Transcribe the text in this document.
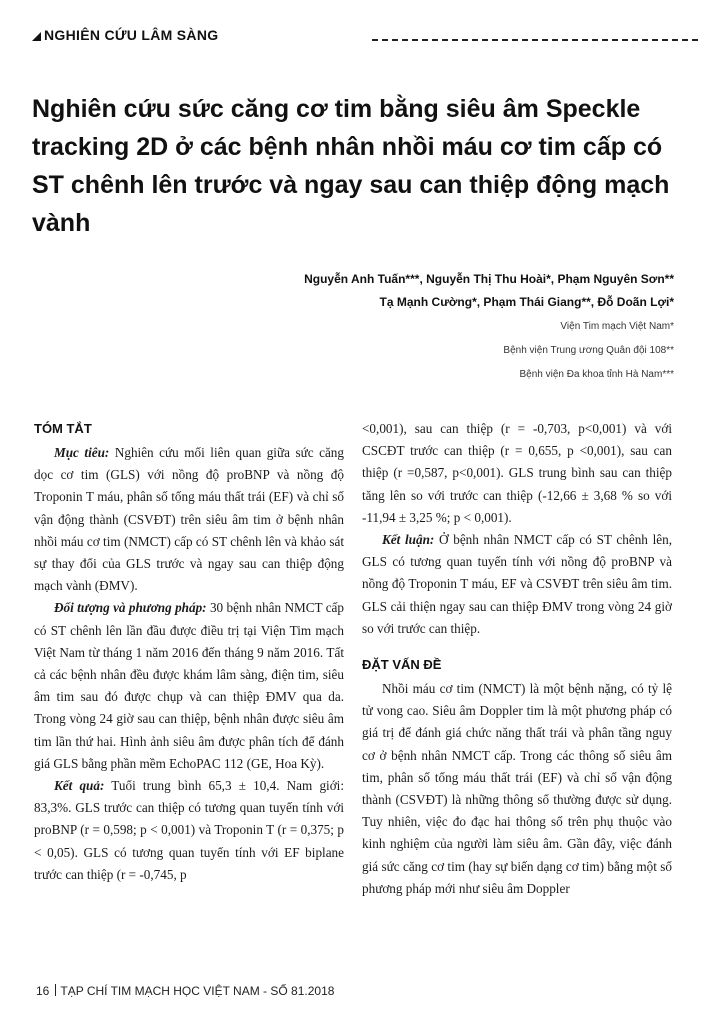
NGHIÊN CỨU LÂM SÀNG
Nghiên cứu sức căng cơ tim bằng siêu âm Speckle tracking 2D ở các bệnh nhân nhồi máu cơ tim cấp có ST chênh lên trước và ngay sau can thiệp động mạch vành
Nguyễn Anh Tuấn***, Nguyễn Thị Thu Hoài*, Phạm Nguyên Sơn**
Tạ Mạnh Cường*, Phạm Thái Giang**, Đỗ Doãn Lợi*
Viện Tim mạch Việt Nam*
Bệnh viện Trung ương Quân đội 108**
Bệnh viện Đa khoa tỉnh Hà Nam***
TÓM TẮT

Mục tiêu: Nghiên cứu mối liên quan giữa sức căng dọc cơ tim (GLS) với nồng độ proBNP và nồng độ Troponin T máu, phân số tống máu thất trái (EF) và chỉ số vận động thành (CSVĐT) trên siêu âm tim ở bệnh nhân nhồi máu cơ tim (NMCT) cấp có ST chênh lên và khảo sát sự thay đổi của GLS trước và ngay sau can thiệp động mạch vành (ĐMV).

Đối tượng và phương pháp: 30 bệnh nhân NMCT cấp có ST chênh lên lần đầu được điều trị tại Viện Tim mạch Việt Nam từ tháng 1 năm 2016 đến tháng 9 năm 2016. Tất cả các bệnh nhân đều được khám lâm sàng, điện tim, siêu âm tim sau đó được chụp và can thiệp ĐMV qua da. Trong vòng 24 giờ sau can thiệp, bệnh nhân được siêu âm tim lần thứ hai. Hình ảnh siêu âm được phân tích để đánh giá GLS bằng phần mềm EchoPAC 112 (GE, Hoa Kỳ).

Kết quả: Tuổi trung bình 65,3 ± 10,4. Nam giới: 83,3%. GLS trước can thiệp có tương quan tuyến tính với proBNP (r = 0,598; p < 0,001) và Troponin T (r = 0,375; p < 0,05). GLS có tương quan tuyến tính với EF biplane trước can thiệp (r = -0,745, p

<0,001), sau can thiệp (r = -0,703, p<0,001) và với CSCĐT trước can thiệp (r = 0,655, p <0,001), sau can thiệp (r =0,587, p<0,001). GLS trung bình sau can thiệp tăng lên so với trước can thiệp (-12,66 ± 3,68 % so với -11,94 ± 3,25 %; p < 0,001).

Kết luận: Ở bệnh nhân NMCT cấp có ST chênh lên, GLS có tương quan tuyến tính với nồng độ proBNP và nồng độ Troponin T máu, EF và CSVĐT trên siêu âm tim. GLS cải thiện ngay sau can thiệp ĐMV trong vòng 24 giờ so với trước can thiệp.

ĐẶT VẤN ĐỀ

Nhồi máu cơ tim (NMCT) là một bệnh nặng, có tỷ lệ tử vong cao. Siêu âm Doppler tim là một phương pháp có giá trị để đánh giá chức năng thất trái và phân tầng nguy cơ ở bệnh nhân NMCT cấp. Trong các thông số siêu âm tim, phân số tống máu thất trái (EF) và chỉ số vận động thành (CSVĐT) là những thông số thường được sử dụng. Tuy nhiên, việc đo đạc hai thông số trên phụ thuộc vào kinh nghiệm của người làm siêu âm. Gần đây, việc đánh giá sức căng cơ tim (hay sự biến dạng cơ tim) bằng một số phương pháp mới như siêu âm Doppler

16 TẠP CHÍ TIM MẠCH HỌC VIỆT NAM - SỐ 81.2018
